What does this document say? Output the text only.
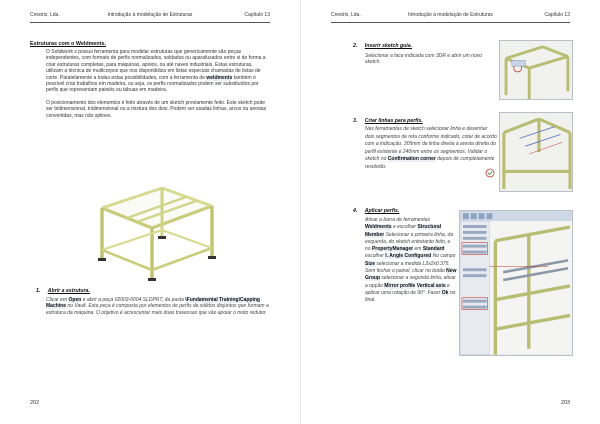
Crestrix, Lda.	Introdução à modelação de Estruturas	Capítulo 13
Estruturas com o Weldments.

O Solidwork s possui ferramenta para modelar estruturas que genericamente são peças independentes, com formato de perfis normalizados, soldados ou aparafusados entre si de forma a criar estruturas completas, para máquinas, apoios, ou até naves industriais. Estas estruturas, utilizam a técnica de multicorpos que nos disponibiliza em listas especiais chamadas de listas de corte. Paralelamente a todas estas possibilidades, com a ferramenta de weldments também é possível criar trabalhos em madeira, ou seja, os perfis normalizados podem ser substituídos por perfis que representam painéis ou tábuas em madeira.

O posicionamento dos elementos é feito através de um sketch previamente feito. Este sketch pode ser bidimensional, tridimensional ou a mistura dos dois. Podem ser usadas linhas, arcos ou arestas convertidas, mas não splines.

1. Abrir a estrutura.
Clicar em Open e abrir a peça 02003-0004.SLDPRT, da pasta \Fundamental Training\Capping Machine no Vault. Esta peça é composta por elementos de perfis de sólidos disjuntos que formam a estrutura da máquina. O objetivo é acrescentar mais duas travessas que vão apoiar o moto redutor.
202
Crestrix, Lda.	Introdução à modelação de Estruturas	Capítulo 13
2. Inserir sketch guia.
Selecionar a face indicada com 3DR e abrir um novo sketch.
3. Criar linhas para perfis.
Nas ferramentas de sketch selecionar linha e desenhar dois segmentos de reta conforme indicado, cotar de acordo com a indicação. 305mm da linha direita à aresta direita do perfil existente e 240mm entre os segmentos. Validar o sketch no Confirmation corner depois de completamente resolvido.
4. Aplicar perfis.
Ativar a barra de ferramentas Weldments e escolher Structural Member Selecionar a primeira linha, da esquerda, do sketch entretanto feito, e no PropertyManager em Standard escolher I. Angle Configured No campo Size selecionar a medida L2x2x0.375. Sem fechar o painel, clicar no botão New Group selecionar a segunda linha, ativar a opção Mirror profile Vertical axis e aplicar uma rotação de 90°. Fazer Ok no final.
203
